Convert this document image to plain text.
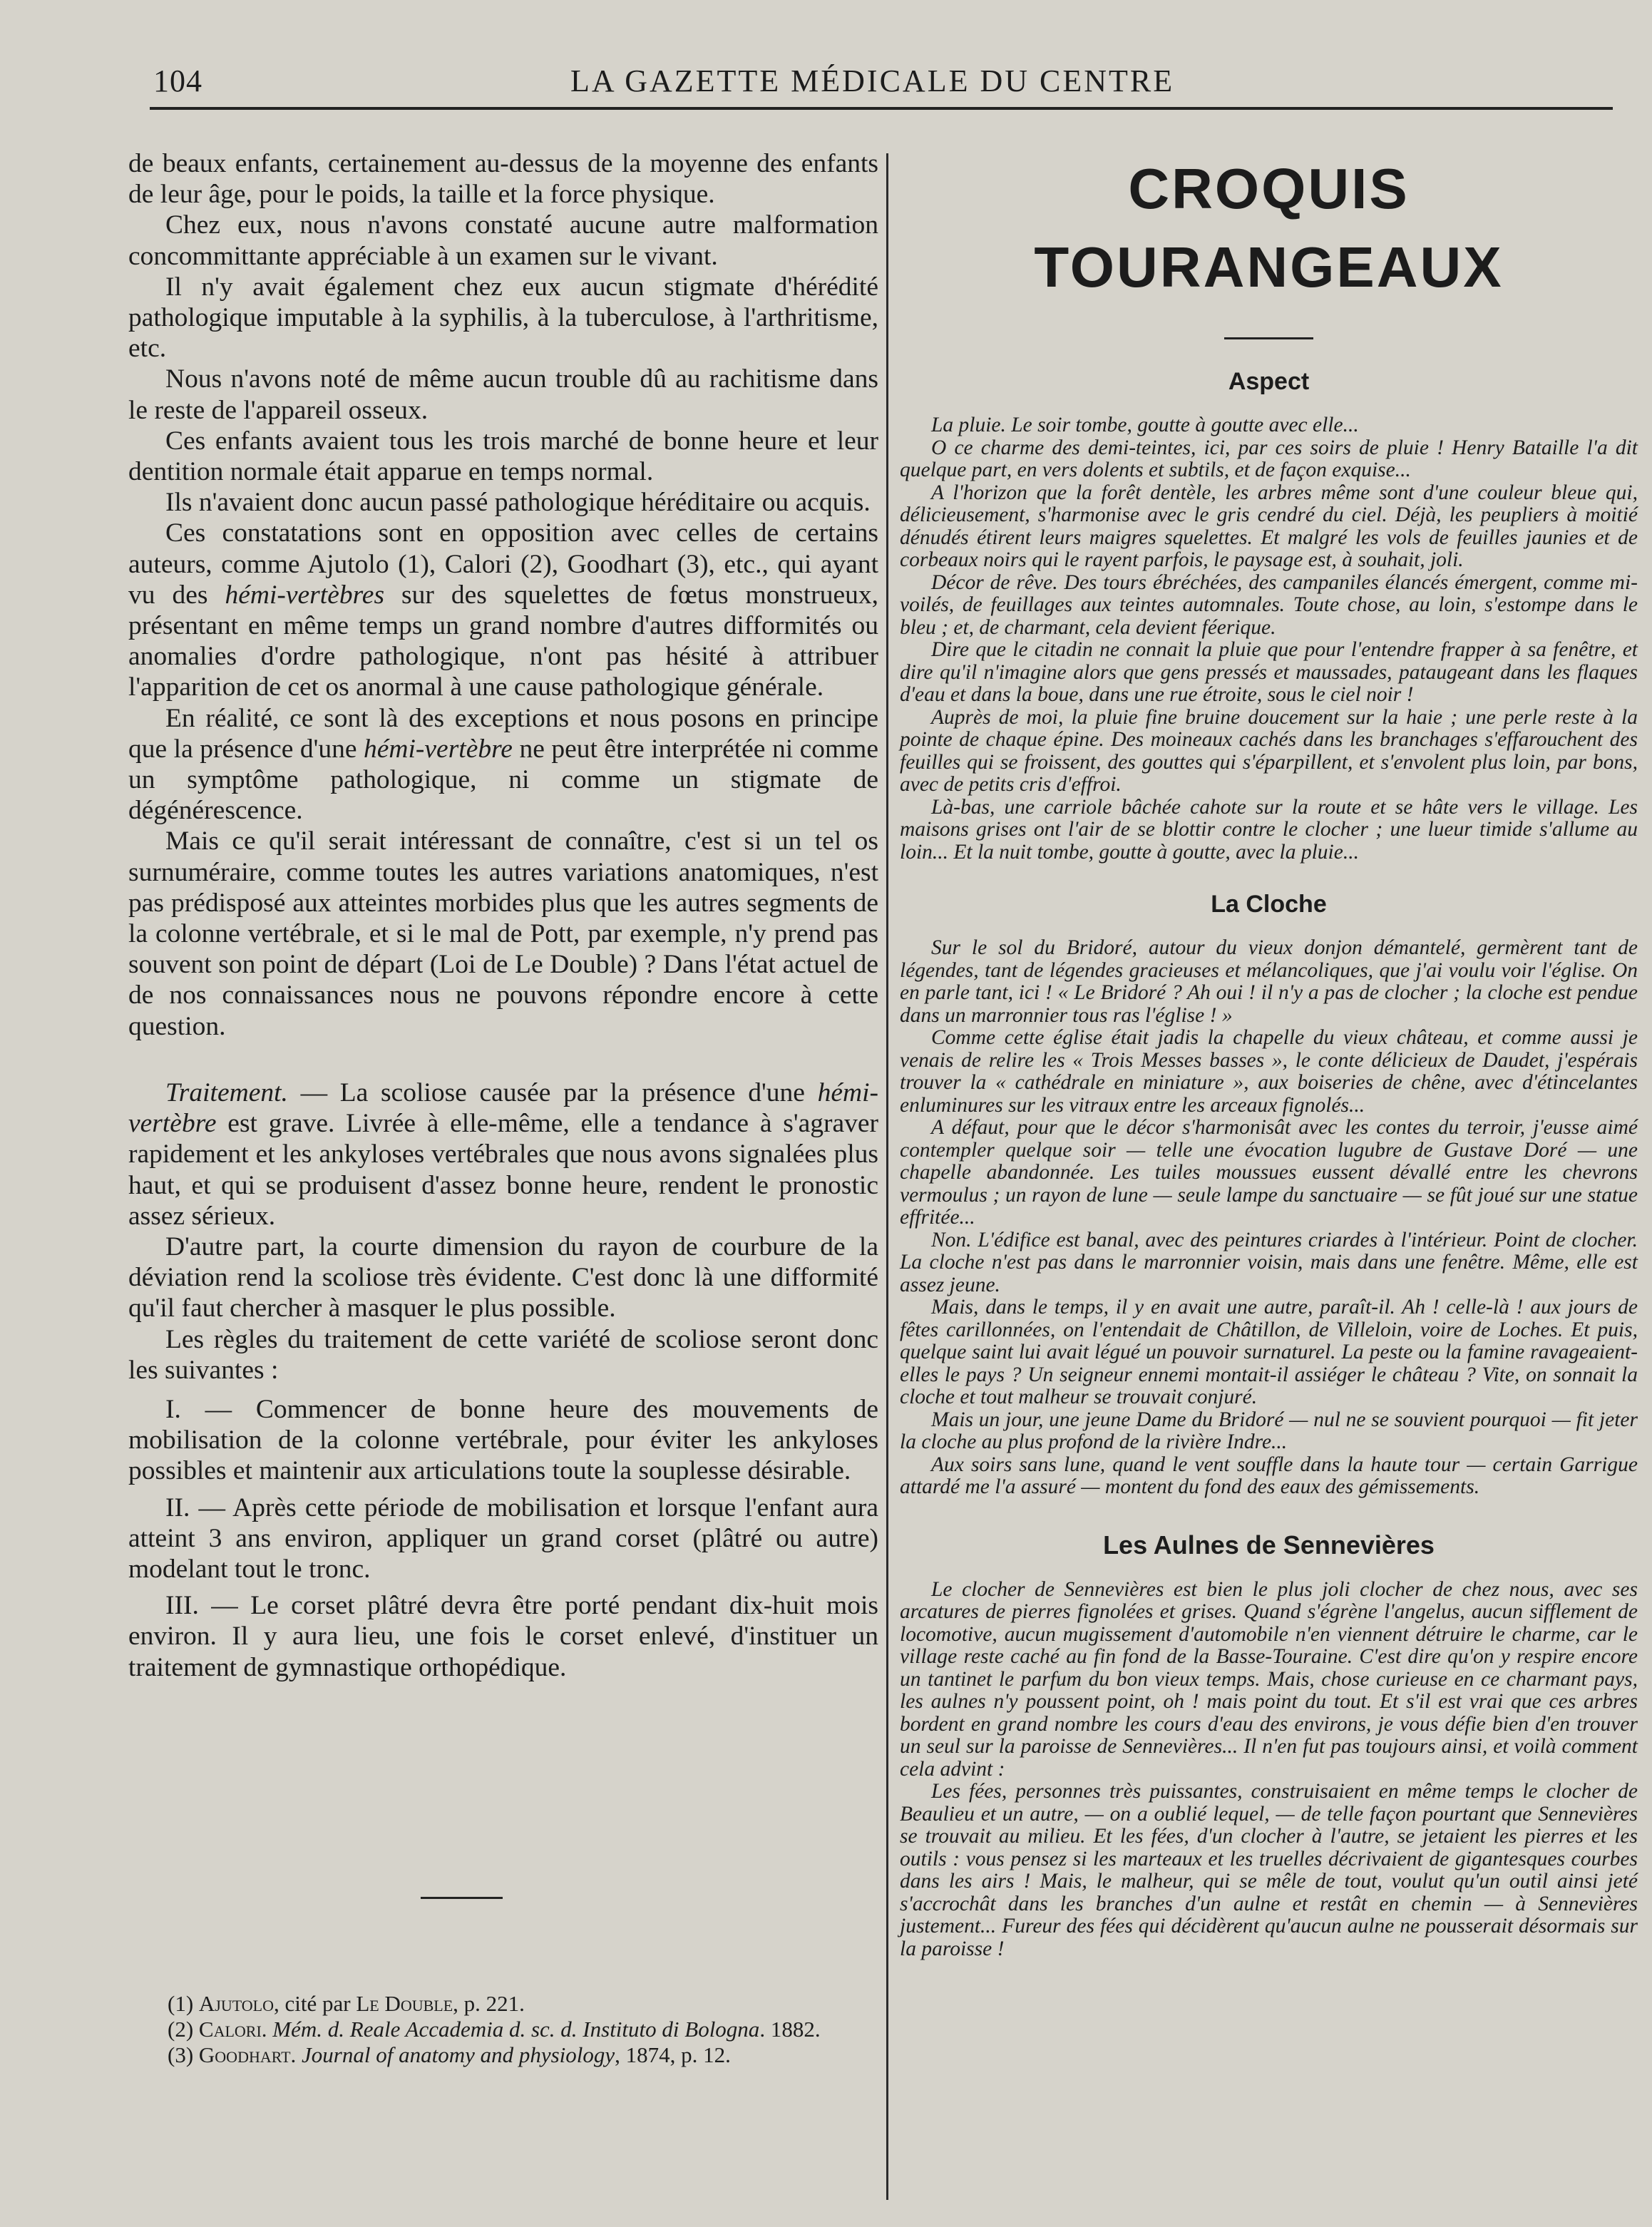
104	LA GAZETTE MÉDICALE DU CENTRE

de beaux enfants, certainement au-dessus de la moyenne des enfants de leur âge, pour le poids, la taille et la force physique.

Chez eux, nous n'avons constaté aucune autre malformation concommittante appréciable à un examen sur le vivant.

Il n'y avait également chez eux aucun stigmate d'hérédité pathologique imputable à la syphilis, à la tuberculose, à l'arthritisme, etc.

Nous n'avons noté de même aucun trouble dû au rachitisme dans le reste de l'appareil osseux.

Ces enfants avaient tous les trois marché de bonne heure et leur dentition normale était apparue en temps normal.

Ils n'avaient donc aucun passé pathologique héréditaire ou acquis.

Ces constatations sont en opposition avec celles de certains auteurs, comme Ajutolo (1), Calori (2), Goodhart (3), etc., qui ayant vu des hémi-vertèbres sur des squelettes de fœtus monstrueux, présentant en même temps un grand nombre d'autres difformités ou anomalies d'ordre pathologique, n'ont pas hésité à attribuer l'apparition de cet os anormal à une cause pathologique générale.

En réalité, ce sont là des exceptions et nous posons en principe que la présence d'une hémi-vertèbre ne peut être interprétée ni comme un symptôme pathologique, ni comme un stigmate de dégénérescence.

Mais ce qu'il serait intéressant de connaître, c'est si un tel os surnuméraire, comme toutes les autres variations anatomiques, n'est pas prédisposé aux atteintes morbides plus que les autres segments de la colonne vertébrale, et si le mal de Pott, par exemple, n'y prend pas souvent son point de départ (Loi de Le Double) ? Dans l'état actuel de de nos connaissances nous ne pouvons répondre encore à cette question.

Traitement. — La scoliose causée par la présence d'une hémi-vertèbre est grave. Livrée à elle-même, elle a tendance à s'agraver rapidement et les ankyloses vertébrales que nous avons signalées plus haut, et qui se produisent d'assez bonne heure, rendent le pronostic assez sérieux.

D'autre part, la courte dimension du rayon de courbure de la déviation rend la scoliose très évidente. C'est donc là une difformité qu'il faut chercher à masquer le plus possible.

Les règles du traitement de cette variété de scoliose seront donc les suivantes :

I. — Commencer de bonne heure des mouvements de mobilisation de la colonne vertébrale, pour éviter les ankyloses possibles et maintenir aux articulations toute la souplesse désirable.

II. — Après cette période de mobilisation et lorsque l'enfant aura atteint 3 ans environ, appliquer un grand corset (plâtré ou autre) modelant tout le tronc.

III. — Le corset plâtré devra être porté pendant dix-huit mois environ. Il y aura lieu, une fois le corset enlevé, d'instituer un traitement de gymnastique orthopédique.

(1) Ajutolo, cité par Le Double, p. 221.
(2) Calori. Mém. d. Reale Accademia d. sc. d. Instituto di Bologna. 1882.
(3) Goodhart. Journal of anatomy and physiology, 1874, p. 12.
CROQUIS TOURANGEAUX
Aspect

La pluie. Le soir tombe, goutte à goutte avec elle...

O ce charme des demi-teintes, ici, par ces soirs de pluie ! Henry Bataille l'a dit quelque part, en vers dolents et subtils, et de façon exquise...

A l'horizon que la forêt dentèle, les arbres même sont d'une couleur bleue qui, délicieusement, s'harmonise avec le gris cendré du ciel. Déjà, les peupliers à moitié dénudés étirent leurs maigres squelettes. Et malgré les vols de feuilles jaunies et de corbeaux noirs qui le rayent parfois, le paysage est, à souhait, joli.

Décor de rêve. Des tours ébréchées, des campaniles élancés émergent, comme mi-voilés, de feuillages aux teintes automnales. Toute chose, au loin, s'estompe dans le bleu ; et, de charmant, cela devient féerique.

Dire que le citadin ne connait la pluie que pour l'entendre frapper à sa fenêtre, et dire qu'il n'imagine alors que gens pressés et maussades, pataugeant dans les flaques d'eau et dans la boue, dans une rue étroite, sous le ciel noir !

Auprès de moi, la pluie fine bruine doucement sur la haie ; une perle reste à la pointe de chaque épine. Des moineaux cachés dans les branchages s'effarouchent des feuilles qui se froissent, des gouttes qui s'éparpillent, et s'envolent plus loin, par bons, avec de petits cris d'effroi.

Là-bas, une carriole bâchée cahote sur la route et se hâte vers le village. Les maisons grises ont l'air de se blottir contre le clocher ; une lueur timide s'allume au loin... Et la nuit tombe, goutte à goutte, avec la pluie...

La Cloche

Sur le sol du Bridoré, autour du vieux donjon démantelé, germèrent tant de légendes, tant de légendes gracieuses et mélancoliques, que j'ai voulu voir l'église. On en parle tant, ici ! « Le Bridoré ? Ah oui ! il n'y a pas de clocher ; la cloche est pendue dans un marronnier tous ras l'église ! »

Comme cette église était jadis la chapelle du vieux château, et comme aussi je venais de relire les « Trois Messes basses », le conte délicieux de Daudet, j'espérais trouver la « cathédrale en miniature », aux boiseries de chêne, avec d'étincelantes enluminures sur les vitraux entre les arceaux fignolés...

A défaut, pour que le décor s'harmonisât avec les contes du terroir, j'eusse aimé contempler quelque soir — telle une évocation lugubre de Gustave Doré — une chapelle abandonnée. Les tuiles moussues eussent dévallé entre les chevrons vermoulus ; un rayon de lune — seule lampe du sanctuaire — se fût joué sur une statue effritée...

Non. L'édifice est banal, avec des peintures criardes à l'intérieur. Point de clocher. La cloche n'est pas dans le marronnier voisin, mais dans une fenêtre. Même, elle est assez jeune.

Mais, dans le temps, il y en avait une autre, paraît-il. Ah ! celle-là ! aux jours de fêtes carillonnées, on l'entendait de Châtillon, de Villeloin, voire de Loches. Et puis, quelque saint lui avait légué un pouvoir surnaturel. La peste ou la famine ravageaient-elles le pays ? Un seigneur ennemi montait-il assiéger le château ? Vite, on sonnait la cloche et tout malheur se trouvait conjuré.

Mais un jour, une jeune Dame du Bridoré — nul ne se souvient pourquoi — fit jeter la cloche au plus profond de la rivière Indre...

Aux soirs sans lune, quand le vent souffle dans la haute tour — certain Garrigue attardé me l'a assuré — montent du fond des eaux des gémissements.

Les Aulnes de Sennevières

Le clocher de Sennevières est bien le plus joli clocher de chez nous, avec ses arcatures de pierres fignolées et grises. Quand s'égrène l'angelus, aucun sifflement de locomotive, aucun mugissement d'automobile n'en viennent détruire le charme, car le village reste caché au fin fond de la Basse-Touraine. C'est dire qu'on y respire encore un tantinet le parfum du bon vieux temps. Mais, chose curieuse en ce charmant pays, les aulnes n'y poussent point, oh ! mais point du tout. Et s'il est vrai que ces arbres bordent en grand nombre les cours d'eau des environs, je vous défie bien d'en trouver un seul sur la paroisse de Sennevières... Il n'en fut pas toujours ainsi, et voilà comment cela advint :

Les fées, personnes très puissantes, construisaient en même temps le clocher de Beaulieu et un autre, — on a oublié lequel, — de telle façon pourtant que Sennevières se trouvait au milieu. Et les fées, d'un clocher à l'autre, se jetaient les pierres et les outils : vous pensez si les marteaux et les truelles décrivaient de gigantesques courbes dans les airs ! Mais, le malheur, qui se mêle de tout, voulut qu'un outil ainsi jeté s'accrochât dans les branches d'un aulne et restât en chemin — à Sennevières justement... Fureur des fées qui décidèrent qu'aucun aulne ne pousserait désormais sur la paroisse !
